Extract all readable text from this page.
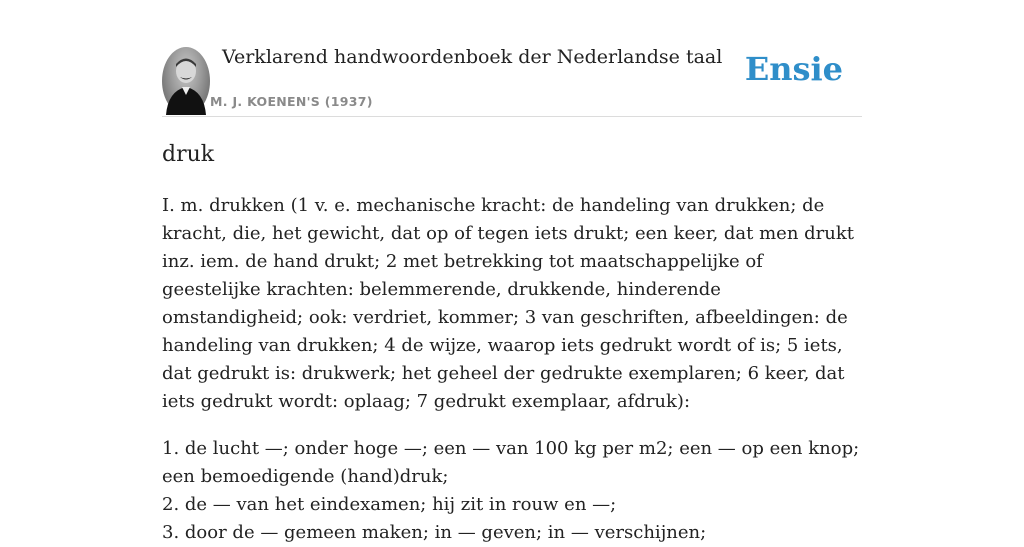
Verklarend handwoordenboek der Nederlandse taal
M. J. KOENEN'S (1937)
Ensie
druk

I. m. drukken (1 v. e. mechanische kracht: de handeling van drukken; de kracht, die, het gewicht, dat op of tegen iets drukt; een keer, dat men drukt inz. iem. de hand drukt; 2 met betrekking tot maatschappelijke of geestelijke krachten: belemmerende, drukkende, hinderende omstandigheid; ook: verdriet, kommer; 3 van geschriften, afbeeldingen: de handeling van drukken; 4 de wijze, waarop iets gedrukt wordt of is; 5 iets, dat gedrukt is: drukwerk; het geheel der gedrukte exemplaren; 6 keer, dat iets gedrukt wordt: oplaag; 7 gedrukt exemplaar, afdruk):

1. de lucht —; onder hoge —; een — van 100 kg per m2; een — op een knop; een bemoedigende (hand)druk;
2. de — van het eindexamen; hij zit in rouw en —;
3. door de — gemeen maken; in — geven; in — verschijnen;
